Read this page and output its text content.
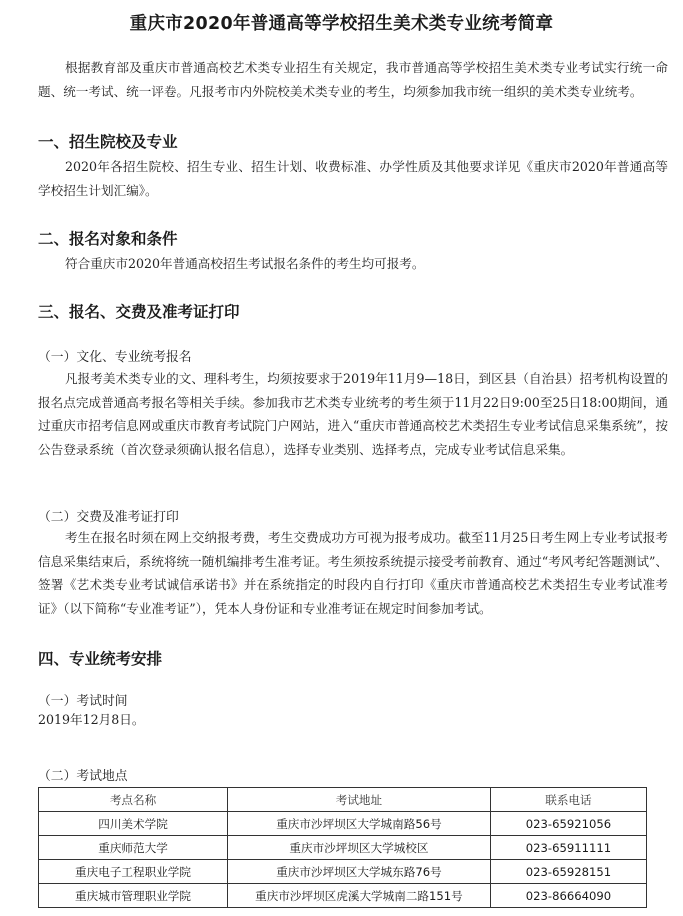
重庆市2020年普通高等学校招生美术类专业统考简章

根据教育部及重庆市普通高校艺术类专业招生有关规定，我市普通高等学校招生美术类专业考试实行统一命题、统一考试、统一评卷。凡报考市内外院校美术类专业的考生，均须参加我市统一组织的美术类专业统考。

一、招生院校及专业

2020年各招生院校、招生专业、招生计划、收费标准、办学性质及其他要求详见《重庆市2020年普通高等学校招生计划汇编》。

二、报名对象和条件

符合重庆市2020年普通高校招生考试报名条件的考生均可报考。

三、报名、交费及准考证打印
（一）文化、专业统考报名

凡报考美术类专业的文、理科考生，均须按要求于2019年11月9—18日，到区县（自治县）招考机构设置的报名点完成普通高考报名等相关手续。参加我市艺术类专业统考的考生须于11月22日9:00至25日18:00期间，通过重庆市招考信息网或重庆市教育考试院门户网站，进入“重庆市普通高校艺术类招生专业考试信息采集系统”，按公告登录系统（首次登录须确认报名信息），选择专业类别、选择考点，完成专业考试信息采集。

（二）交费及准考证打印

考生在报名时须在网上交纳报考费，考生交费成功方可视为报考成功。截至11月25日考生网上专业考试报考信息采集结束后，系统将统一随机编排考生准考证。考生须按系统提示接受考前教育、通过“考风考纪答题测试”、签署《艺术类专业考试诚信承诺书》并在系统指定的时段内自行打印《重庆市普通高校艺术类招生专业考试准考证》（以下简称“专业准考证”），凭本人身份证和专业准考证在规定时间参加考试。

四、专业统考安排
（一）考试时间
2019年12月8日。
（二）考试地点
考点名称	考试地址	联系电话
四川美术学院	重庆市沙坪坝区大学城南路56号	023-65921056
重庆师范大学	重庆市沙坪坝区大学城校区	023-65911111
重庆电子工程职业学院	重庆市沙坪坝区大学城东路76号	023-65928151
重庆城市管理职业学院	重庆市沙坪坝区虎溪大学城南二路151号	023-86664090
